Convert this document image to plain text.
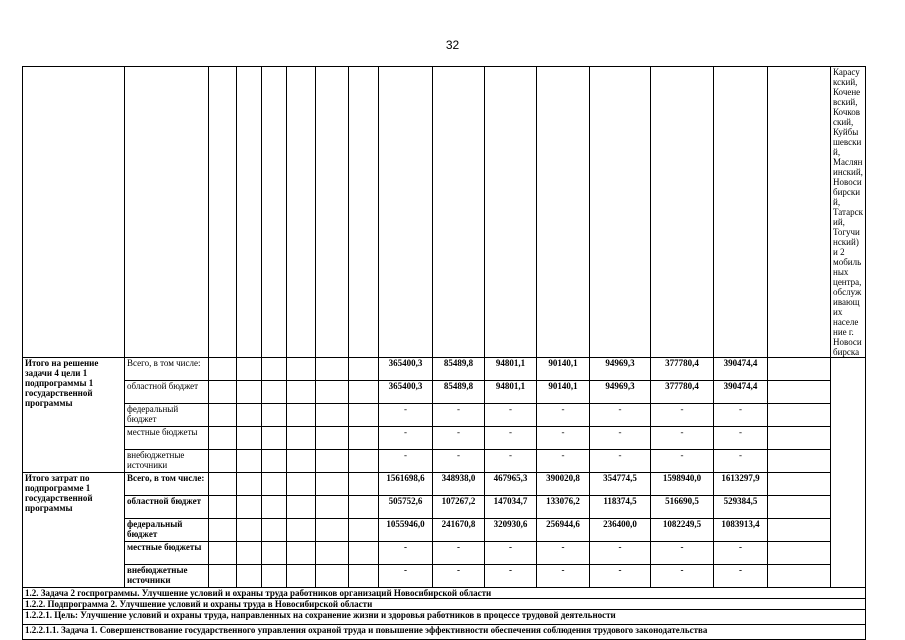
32
																Карасукский, Коченевский, Кочковский, Куйбышевский, Маслянинский, Новосибирский, Татарский, Тогучинский) и 2 мобильных центра, обслуживающих население г. Новосибирска
Итого на решение задачи 4 цели 1 подпрограммы 1 государственной программы	Всего, в том числе:							365400,3	85489,8	94801,1	90140,1	94969,3	377780,4	390474,4		
	областной бюджет							365400,3	85489,8	94801,1	90140,1	94969,3	377780,4	390474,4		
	федеральный бюджет							-	-	-	-	-	-	-		
	местные бюджеты							-	-	-	-	-	-	-		
	внебюджетные источники							-	-	-	-	-	-	-		
Итого затрат по подпрограмме 1 государственной программы	Всего, в том числе:							1561698,6	348938,0	467965,3	390020,8	354774,5	1598940,0	1613297,9		
	областной бюджет							505752,6	107267,2	147034,7	133076,2	118374,5	516690,5	529384,5		
	федеральный бюджет							1055946,0	241670,8	320930,6	256944,6	236400,0	1082249,5	1083913,4		
	местные бюджеты							-	-	-	-	-	-	-		
	внебюджетные источники							-	-	-	-	-	-	-		
1.2. Задача 2 госпрограммы. Улучшение условий и охраны труда работников организаций Новосибирской области																
1.2.2. Подпрограмма 2. Улучшение условий и охраны труда в Новосибирской области																
1.2.2.1. Цель: Улучшение условий и охраны труда, направленных на сохранение жизни и здоровья работников в процессе трудовой деятельности																
1.2.2.1.1. Задача 1. Совершенствование государственного управления охраной труда и повышение эффективности обеспечения соблюдения трудового законодательства																
